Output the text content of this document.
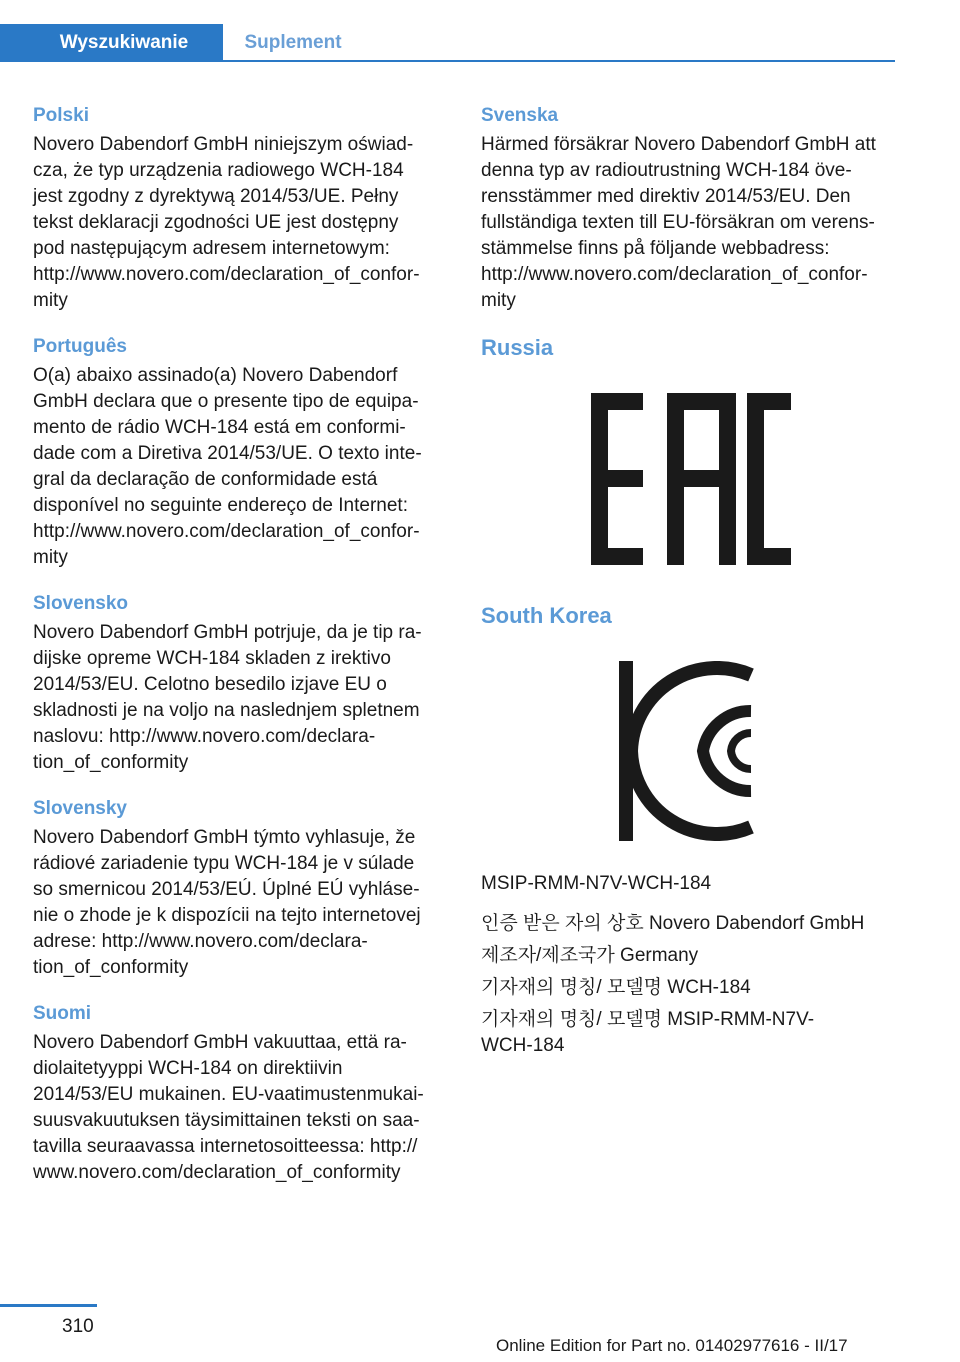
Wyszukiwanie	Suplement
Polski
Novero Dabendorf GmbH niniejszym oświad-
cza, że typ urządzenia radiowego WCH-184
jest zgodny z dyrektywą 2014/53/UE. Pełny
tekst deklaracji zgodności UE jest dostępny
pod następującym adresem internetowym:
http://www.novero.com/declaration_of_confor-
mity
Português
O(a) abaixo assinado(a) Novero Dabendorf
GmbH declara que o presente tipo de equipa-
mento de rádio WCH-184 está em conformi-
dade com a Diretiva 2014/53/UE. O texto inte-
gral da declaração de conformidade está
disponível no seguinte endereço de Internet:
http://www.novero.com/declaration_of_confor-
mity
Slovensko
Novero Dabendorf GmbH potrjuje, da je tip ra-
dijske opreme WCH-184 skladen z irektivo
2014/53/EU. Celotno besedilo izjave EU o
skladnosti je na voljo na naslednjem spletnem
naslovu: http://www.novero.com/declara-
tion_of_conformity
Slovensky
Novero Dabendorf GmbH týmto vyhlasuje, že
rádiové zariadenie typu WCH-184 je v súlade
so smernicou 2014/53/EÚ. Úplné EÚ vyhláse-
nie o zhode je k dispozícii na tejto internetovej
adrese: http://www.novero.com/declara-
tion_of_conformity
Suomi
Novero Dabendorf GmbH vakuuttaa, että ra-
diolaitetyyppi WCH-184 on direktiivin
2014/53/EU mukainen. EU-vaatimustenmukai-
suusvakuutuksen täysimittainen teksti on saa-
tavilla seuraavassa internetosoitteessa: http://
www.novero.com/declaration_of_conformity
Svenska
Härmed försäkrar Novero Dabendorf GmbH att
denna typ av radioutrustning WCH-184 öve-
rensstämmer med direktiv 2014/53/EU. Den
fullständiga texten till EU-försäkran om verens-
stämmelse finns på följande webbadress:
http://www.novero.com/declaration_of_confor-
mity
Russia
South Korea
MSIP-RMM-N7V-WCH-184
인증 받은 자의 상호 Novero Dabendorf GmbH
제조자/제조국가 Germany
기자재의 명칭/ 모델명 WCH-184
기자재의 명칭/ 모델명 MSIP-RMM-N7V-
WCH-184
310
Online Edition for Part no. 01402977616 - II/17
